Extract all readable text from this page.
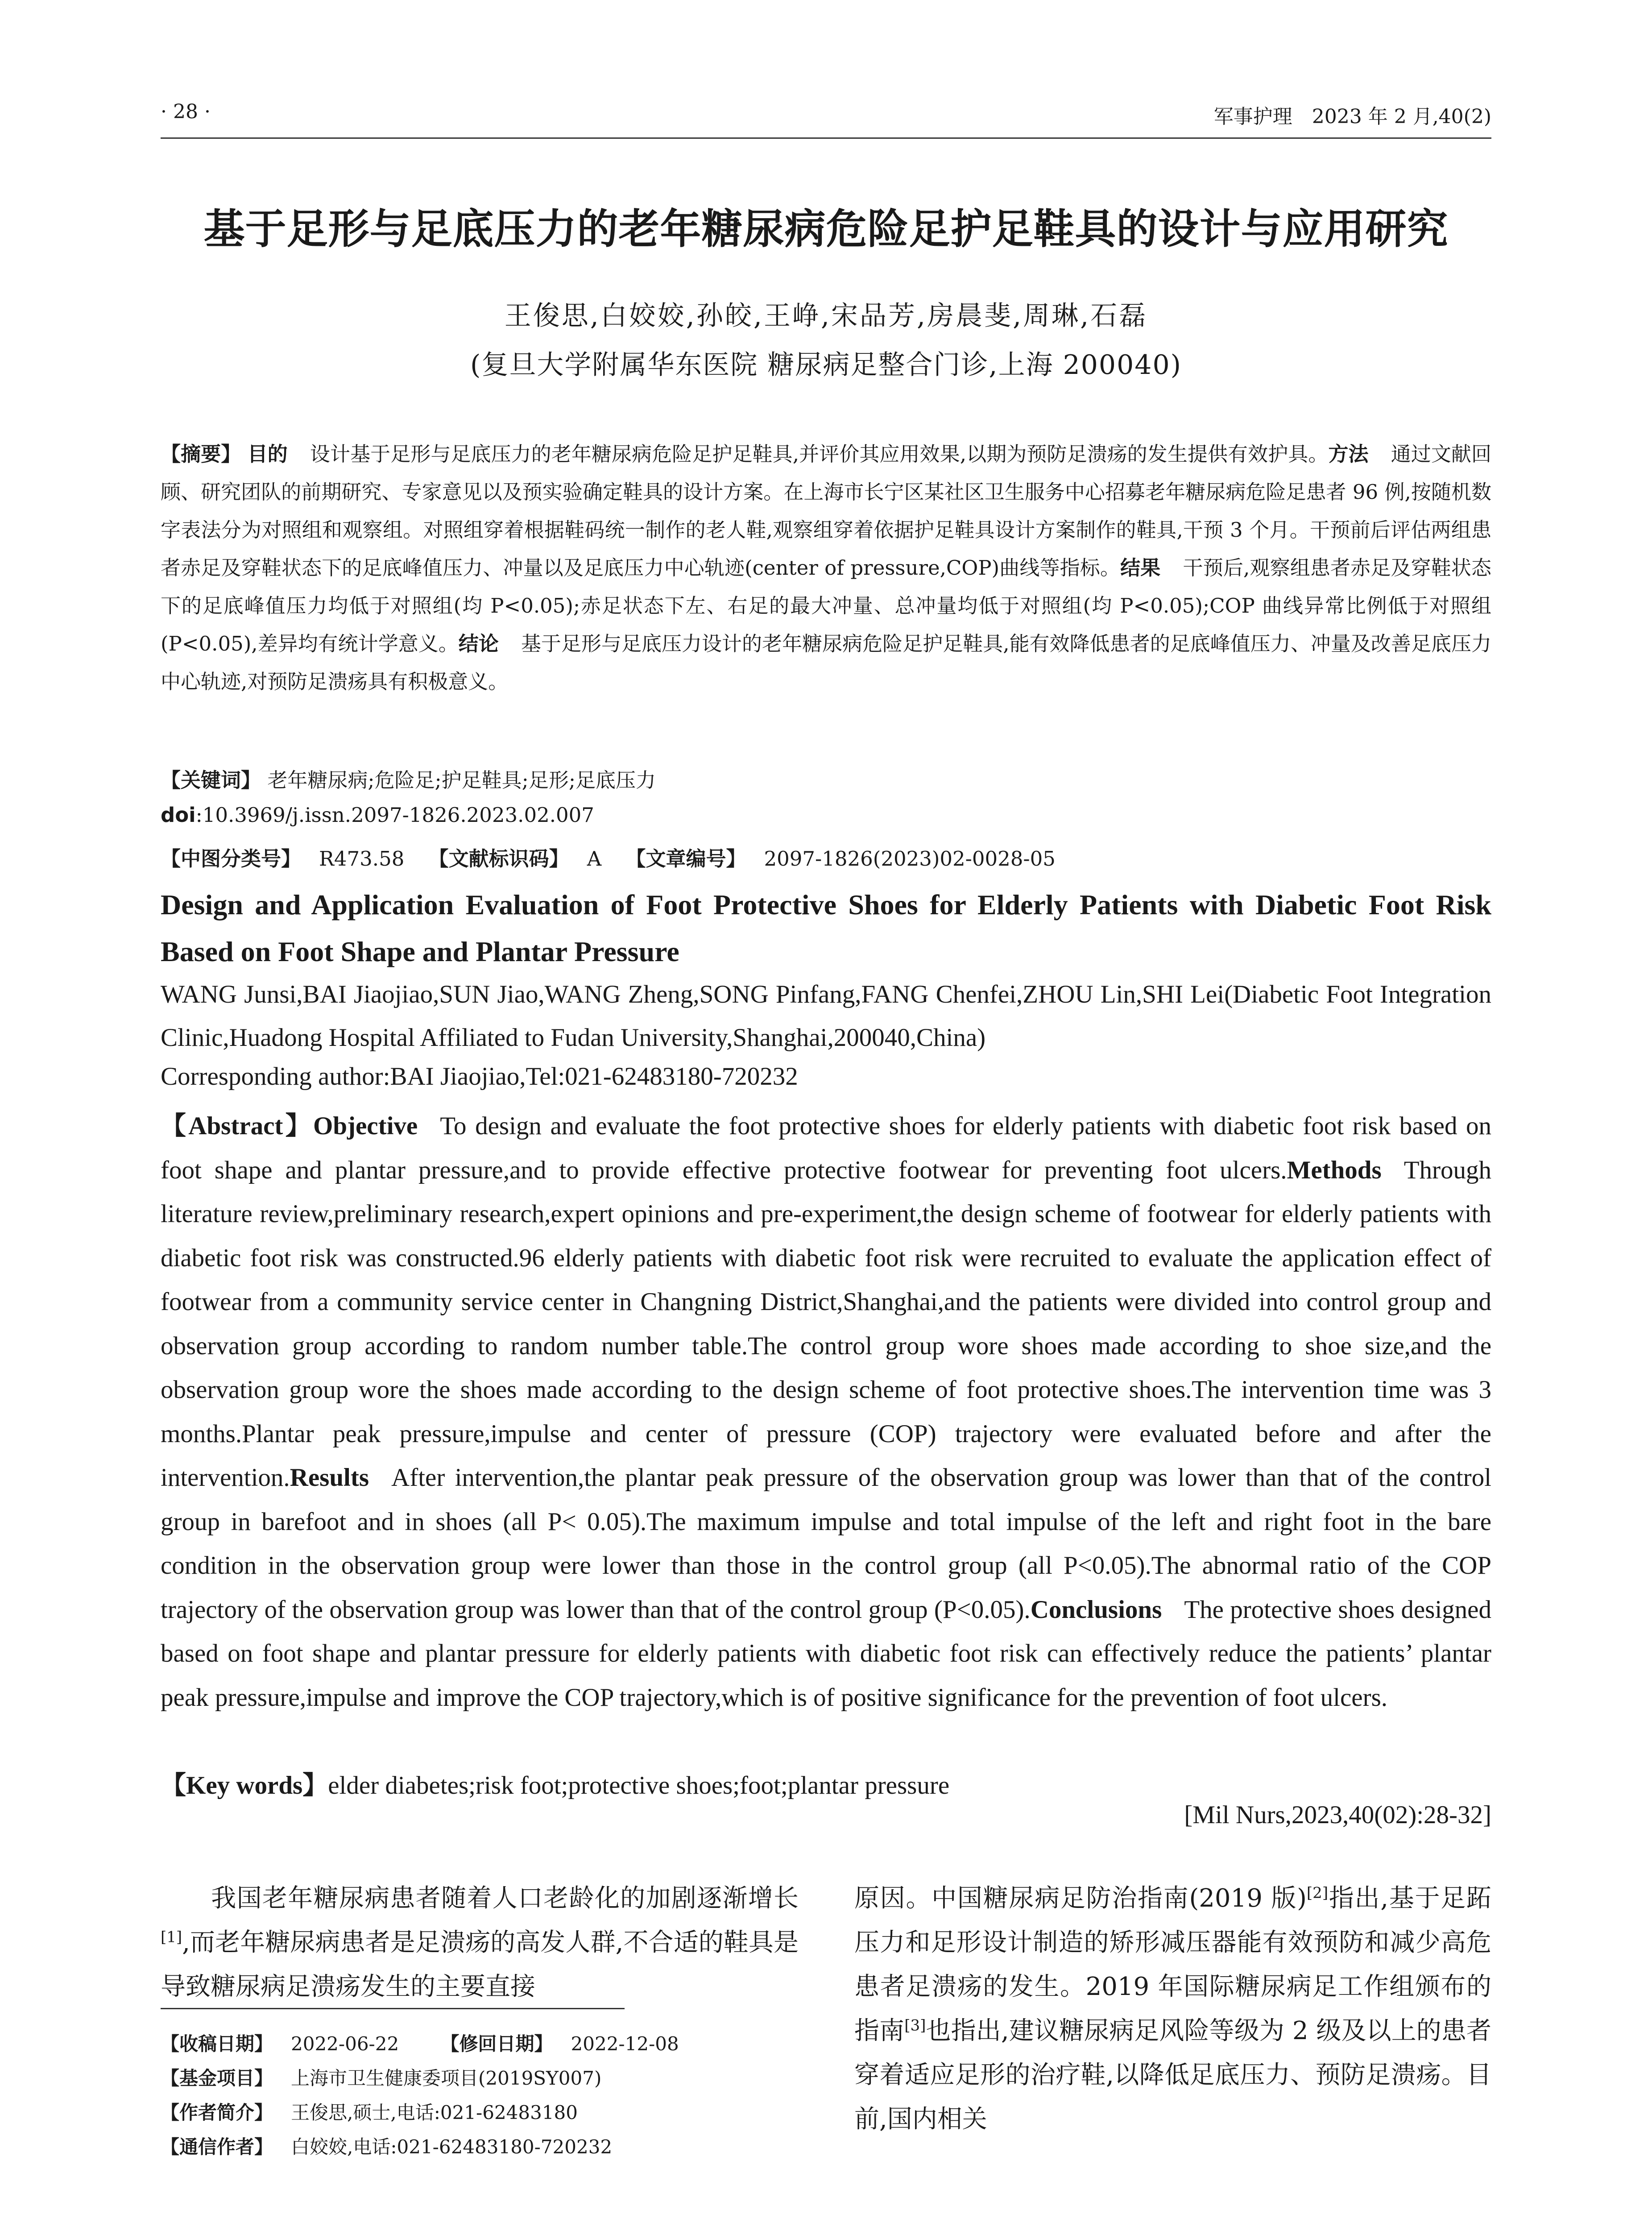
· 28 ·	军事护理　2023 年 2 月,40(2)
基于足形与足底压力的老年糖尿病危险足护足鞋具的设计与应用研究
王俊思,白姣姣,孙皎,王峥,宋品芳,房晨斐,周琳,石磊
(复旦大学附属华东医院 糖尿病足整合门诊,上海 200040)
【摘要】 目的 设计基于足形与足底压力的老年糖尿病危险足护足鞋具,并评价其应用效果,以期为预防足溃疡的发生提供有效护具。方法 通过文献回顾、研究团队的前期研究、专家意见以及预实验确定鞋具的设计方案。在上海市长宁区某社区卫生服务中心招募老年糖尿病危险足患者 96 例,按随机数字表法分为对照组和观察组。对照组穿着根据鞋码统一制作的老人鞋,观察组穿着依据护足鞋具设计方案制作的鞋具,干预 3 个月。干预前后评估两组患者赤足及穿鞋状态下的足底峰值压力、冲量以及足底压力中心轨迹(center of pressure,COP)曲线等指标。结果 干预后,观察组患者赤足及穿鞋状态下的足底峰值压力均低于对照组(均 P<0.05);赤足状态下左、右足的最大冲量、总冲量均低于对照组(均 P<0.05);COP 曲线异常比例低于对照组(P<0.05),差异均有统计学意义。结论 基于足形与足底压力设计的老年糖尿病危险足护足鞋具,能有效降低患者的足底峰值压力、冲量及改善足底压力中心轨迹,对预防足溃疡具有积极意义。
【关键词】 老年糖尿病;危险足;护足鞋具;足形;足底压力
doi:10.3969/j.issn.2097-1826.2023.02.007
【中图分类号】 R473.58 【文献标识码】 A 【文章编号】 2097-1826(2023)02-0028-05
Design and Application Evaluation of Foot Protective Shoes for Elderly Patients with Diabetic Foot Risk Based on Foot Shape and Plantar Pressure
WANG Junsi,BAI Jiaojiao,SUN Jiao,WANG Zheng,SONG Pinfang,FANG Chenfei,ZHOU Lin,SHI Lei(Diabetic Foot Integration Clinic,Huadong Hospital Affiliated to Fudan University,Shanghai,200040,China)
Corresponding author:BAI Jiaojiao,Tel:021-62483180-720232
【Abstract】Objective To design and evaluate the foot protective shoes for elderly patients with diabetic foot risk based on foot shape and plantar pressure,and to provide effective protective footwear for preventing foot ulcers.Methods Through literature review,preliminary research,expert opinions and pre-experiment,the design scheme of footwear for elderly patients with diabetic foot risk was constructed.96 elderly patients with diabetic foot risk were recruited to evaluate the application effect of footwear from a community service center in Changning District,Shanghai,and the patients were divided into control group and observation group according to random number table.The control group wore shoes made according to shoe size,and the observation group wore the shoes made according to the design scheme of foot protective shoes.The intervention time was 3 months.Plantar peak pressure,impulse and center of pressure (COP) trajectory were evaluated before and after the intervention.Results After intervention,the plantar peak pressure of the observation group was lower than that of the control group in barefoot and in shoes (all P< 0.05).The maximum impulse and total impulse of the left and right foot in the bare condition in the observation group were lower than those in the control group (all P<0.05).The abnormal ratio of the COP trajectory of the observation group was lower than that of the control group (P<0.05).Conclusions The protective shoes designed based on foot shape and plantar pressure for elderly patients with diabetic foot risk can effectively reduce the patients’ plantar peak pressure,impulse and improve the COP trajectory,which is of positive significance for the prevention of foot ulcers.
【Key words】elder diabetes;risk foot;protective shoes;foot;plantar pressure
[Mil Nurs,2023,40(02):28-32]
我国老年糖尿病患者随着人口老龄化的加剧逐渐增长[1],而老年糖尿病患者是足溃疡的高发人群,不合适的鞋具是导致糖尿病足溃疡发生的主要直接
【收稿日期】 2022-06-22 【修回日期】 2022-12-08
【基金项目】 上海市卫生健康委项目(2019SY007)
【作者简介】 王俊思,硕士,电话:021-62483180
【通信作者】 白姣姣,电话:021-62483180-720232
原因。中国糖尿病足防治指南(2019 版)[2]指出,基于足跖压力和足形设计制造的矫形减压器能有效预防和减少高危患者足溃疡的发生。2019 年国际糖尿病足工作组颁布的指南[3]也指出,建议糖尿病足风险等级为 2 级及以上的患者穿着适应足形的治疗鞋,以降低足底压力、预防足溃疡。目前,国内相关
